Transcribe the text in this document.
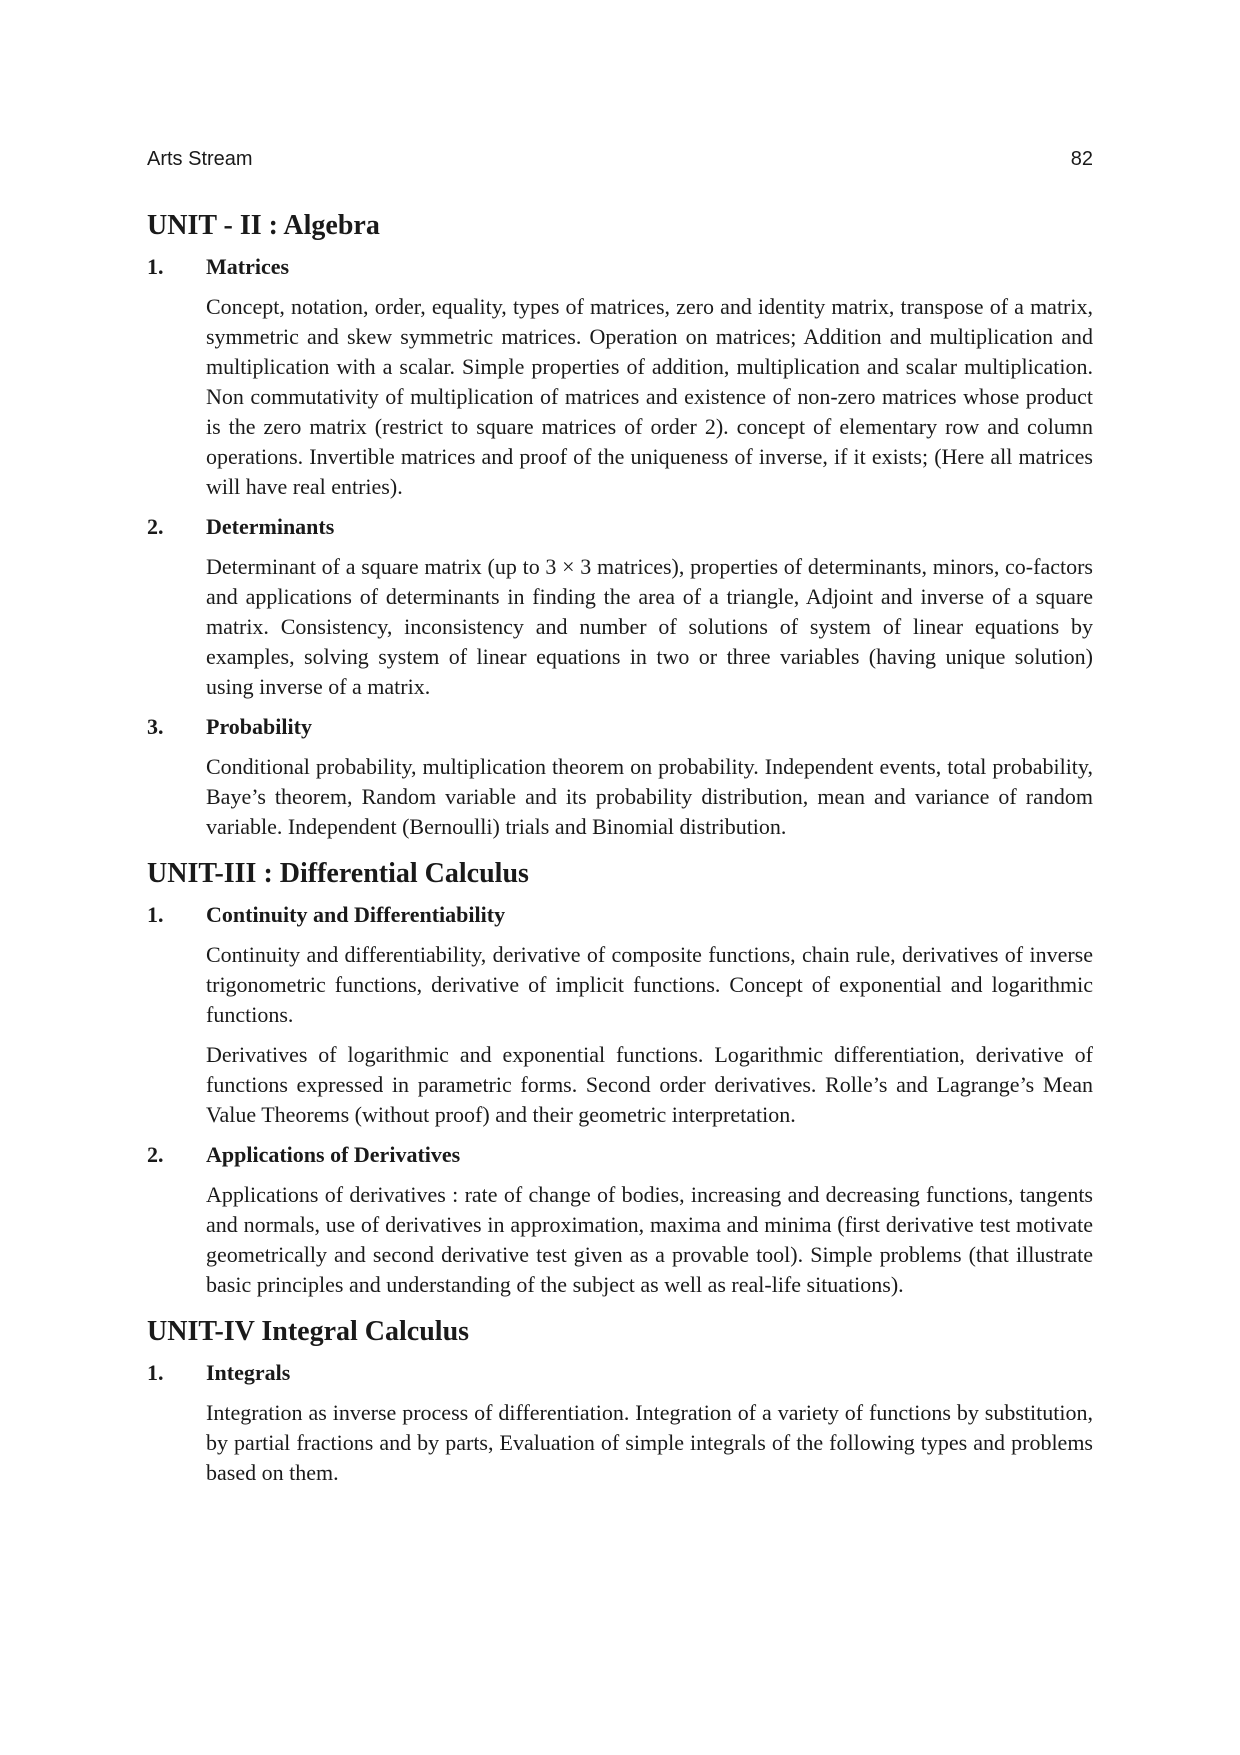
Arts Stream	82
UNIT - II : Algebra
1. Matrices

Concept, notation, order, equality, types of matrices, zero and identity matrix, transpose of a matrix, symmetric and skew symmetric matrices. Operation on matrices; Addition and multiplication and multiplication with a scalar. Simple properties of addition, multiplication and scalar multiplication. Non commutativity of multiplication of matrices and existence of non-zero matrices whose product is the zero matrix (restrict to square matrices of order 2). concept of elementary row and column operations. Invertible matrices and proof of the uniqueness of inverse, if it exists; (Here all matrices will have real entries).

2. Determinants

Determinant of a square matrix (up to 3 × 3 matrices), properties of determinants, minors, co-factors and applications of determinants in finding the area of a triangle, Adjoint and inverse of a square matrix. Consistency, inconsistency and number of solutions of system of linear equations by examples, solving system of linear equations in two or three variables (having unique solution) using inverse of a matrix.

3. Probability

Conditional probability, multiplication theorem on probability. Independent events, total probability, Baye’s theorem, Random variable and its probability distribution, mean and variance of random variable. Independent (Bernoulli) trials and Binomial distribution.

UNIT-III : Differential Calculus
1. Continuity and Differentiability

Continuity and differentiability, derivative of composite functions, chain rule, derivatives of inverse trigonometric functions, derivative of implicit functions. Concept of exponential and logarithmic functions.

Derivatives of logarithmic and exponential functions. Logarithmic differentiation, derivative of functions expressed in parametric forms. Second order derivatives. Rolle’s and Lagrange’s Mean Value Theorems (without proof) and their geometric interpretation.

2. Applications of Derivatives

Applications of derivatives : rate of change of bodies, increasing and decreasing functions, tangents and normals, use of derivatives in approximation, maxima and minima (first derivative test motivate geometrically and second derivative test given as a provable tool). Simple problems (that illustrate basic principles and understanding of the subject as well as real-life situations).

UNIT-IV Integral Calculus
1. Integrals

Integration as inverse process of differentiation. Integration of a variety of functions by substitution, by partial fractions and by parts, Evaluation of simple integrals of the following types and problems based on them.
